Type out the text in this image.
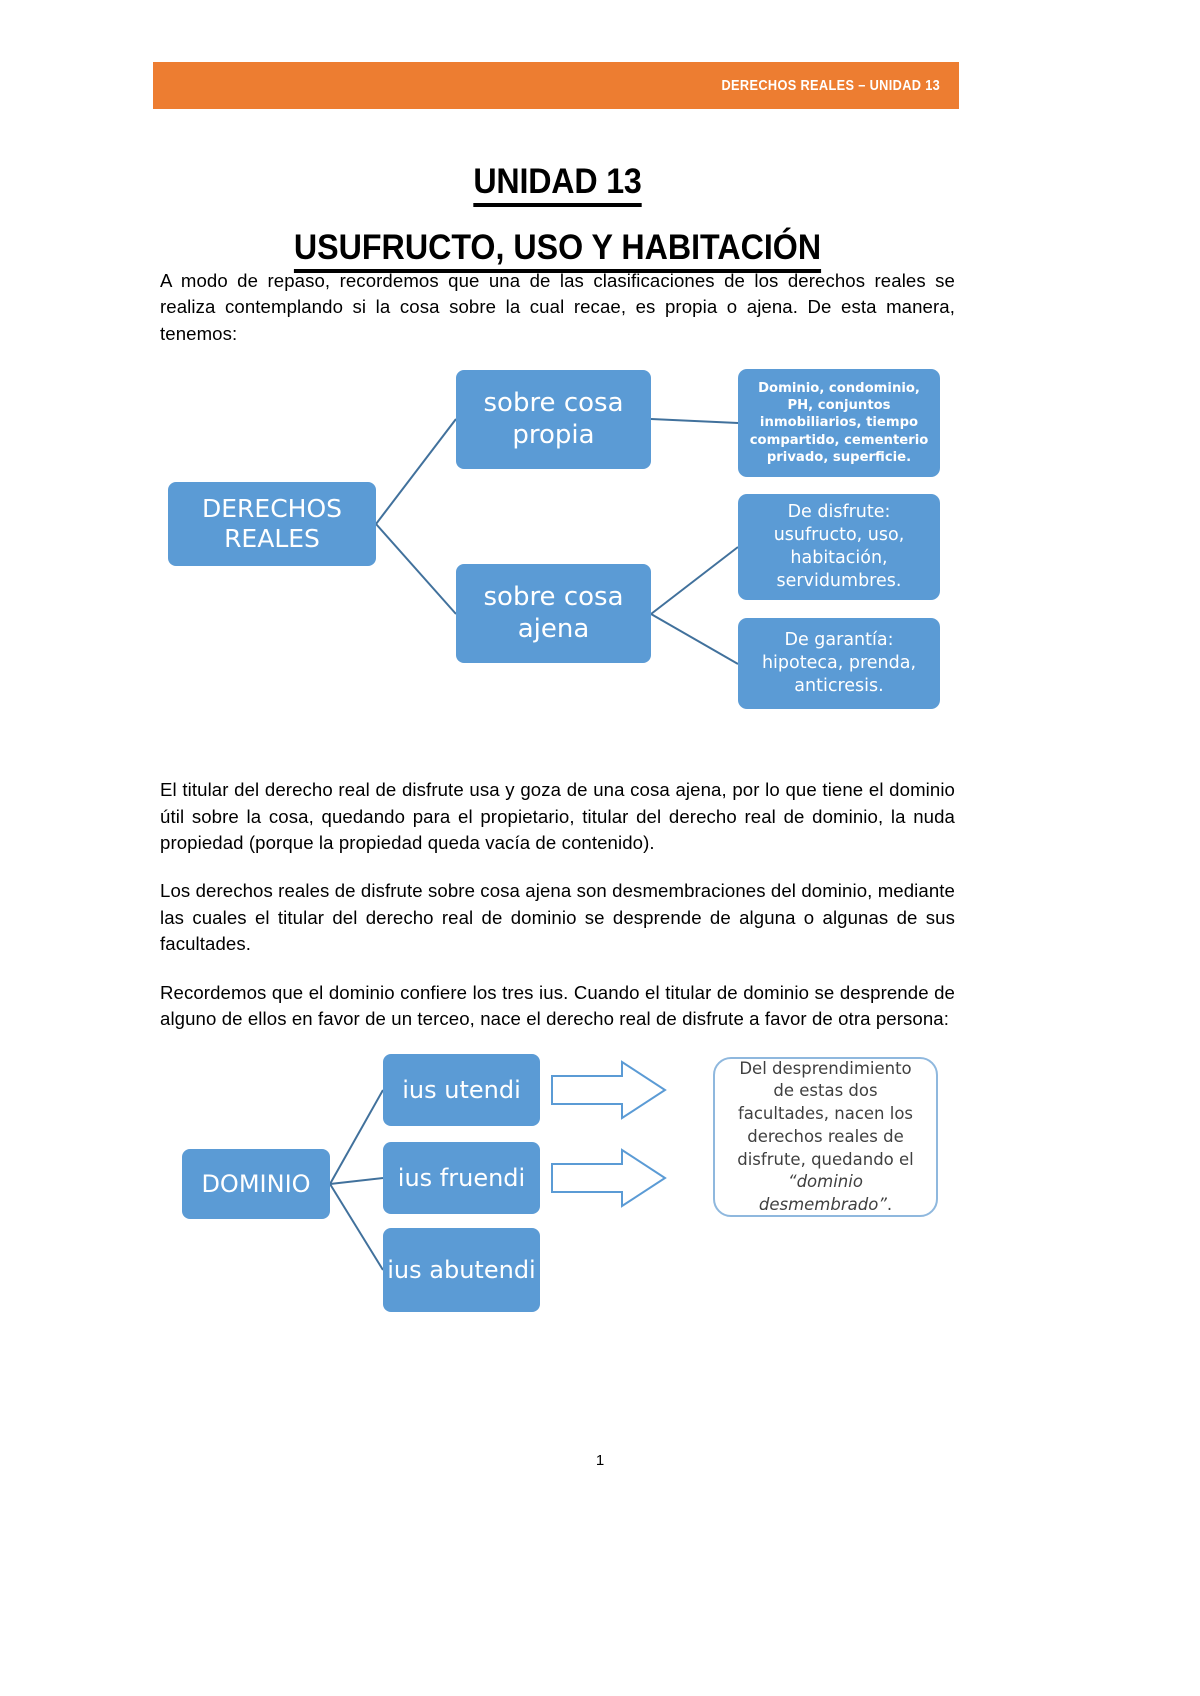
DERECHOS REALES – UNIDAD 13
UNIDAD 13
USUFRUCTO, USO Y HABITACIÓN

A modo de repaso, recordemos que una de las clasificaciones de los derechos reales se realiza contemplando si la cosa sobre la cual recae, es propia o ajena. De esta manera, tenemos:

DERECHOS REALES
sobre cosa propia
sobre cosa ajena
Dominio, condominio, PH, conjuntos inmobiliarios, tiempo compartido, cementerio privado, superficie.
De disfrute: usufructo, uso, habitación, servidumbres.
De garantía: hipoteca, prenda, anticresis.

El titular del derecho real de disfrute usa y goza de una cosa ajena, por lo que tiene el dominio útil sobre la cosa, quedando para el propietario, titular del derecho real de dominio, la nuda propiedad (porque la propiedad queda vacía de contenido).

Los derechos reales de disfrute sobre cosa ajena son desmembraciones del dominio, mediante las cuales el titular del derecho real de dominio se desprende de alguna o algunas de sus facultades.

Recordemos que el dominio confiere los tres ius. Cuando el titular de dominio se desprende de alguno de ellos en favor de un terceo, nace el derecho real de disfrute a favor de otra persona:

DOMINIO
ius utendi
ius fruendi
ius abutendi
Del desprendimiento de estas dos facultades, nacen los derechos reales de disfrute, quedando el “dominio desmembrado”.
1
